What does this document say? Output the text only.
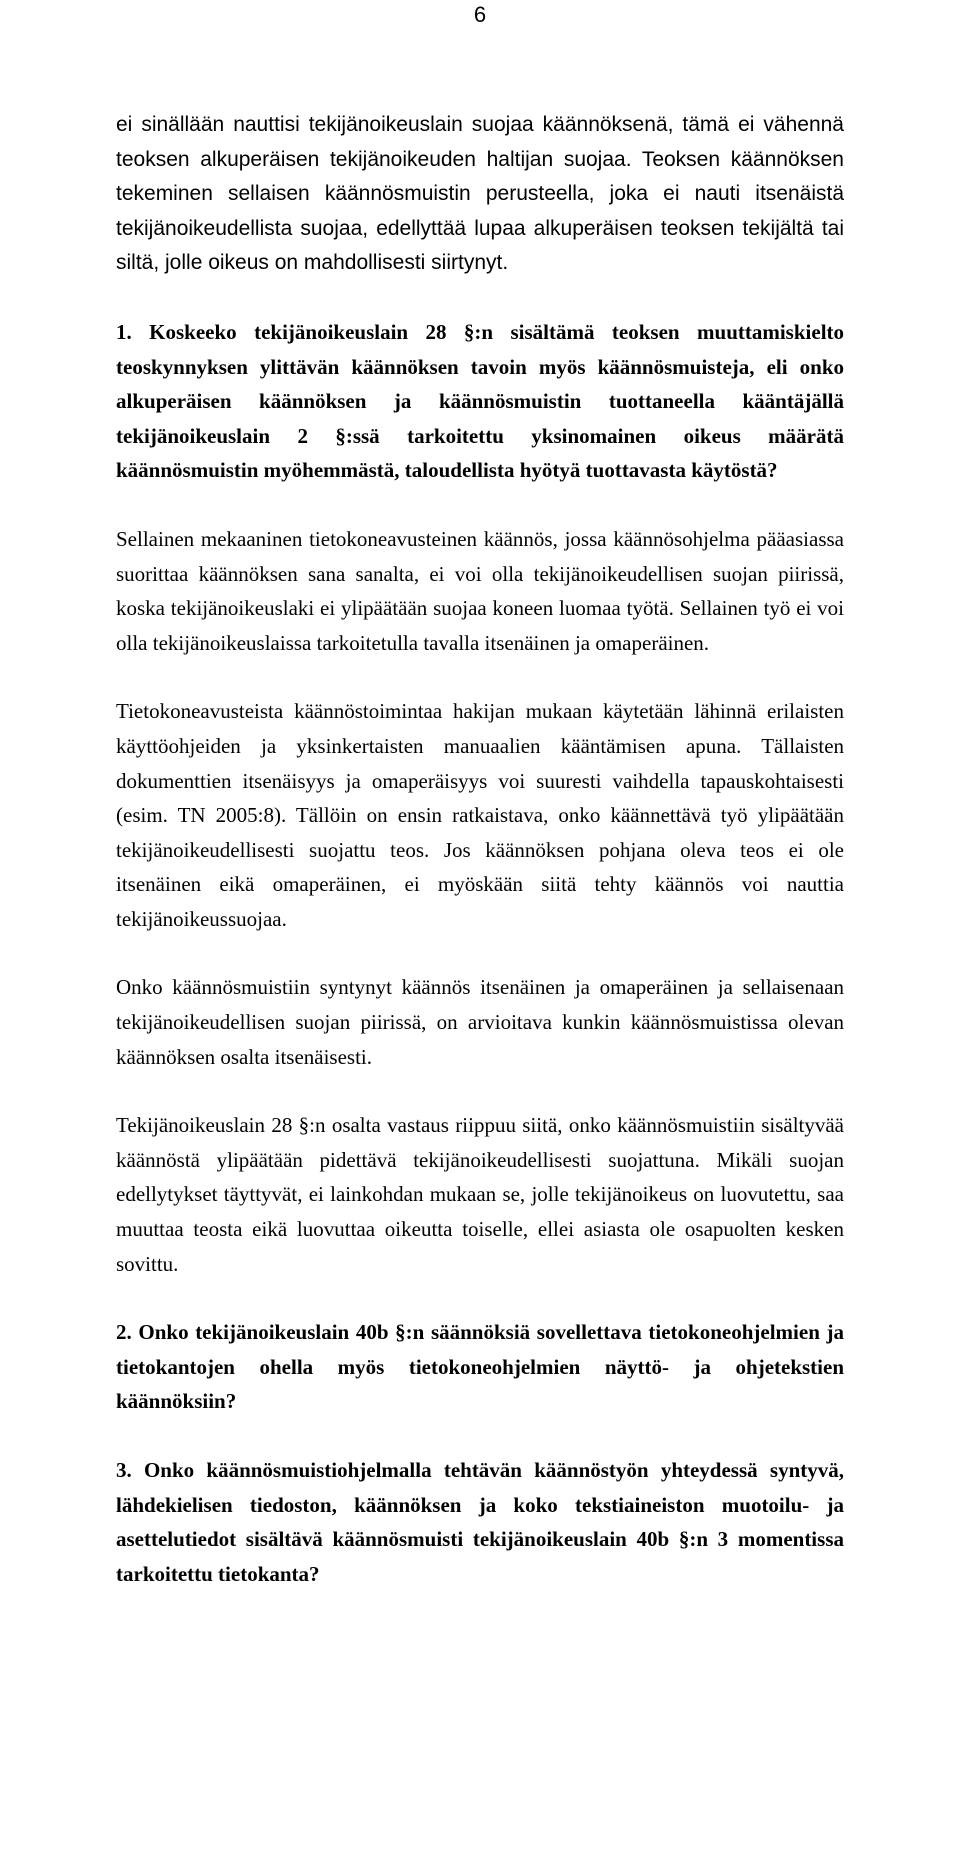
6

ei sinällään nauttisi tekijänoikeuslain suojaa käännöksenä, tämä ei vähennä teoksen alkuperäisen tekijänoikeuden haltijan suojaa. Teoksen käännöksen tekeminen sellaisen käännösmuistin perusteella, joka ei nauti itsenäistä tekijänoikeudellista suojaa, edellyttää lupaa alkuperäisen teoksen tekijältä tai siltä, jolle oikeus on mahdollisesti siirtynyt.

1. Koskeeko tekijänoikeuslain 28 §:n sisältämä teoksen muuttamiskielto teoskynnyksen ylittävän käännöksen tavoin myös käännösmuisteja, eli onko alkuperäisen käännöksen ja käännösmuistin tuottaneella kääntäjällä tekijänoikeuslain 2 §:ssä tarkoitettu yksinomainen oikeus määrätä käännösmuistin myöhemmästä, taloudellista hyötyä tuottavasta käytöstä?

Sellainen mekaaninen tietokoneavusteinen käännös, jossa käännösohjelma pääasiassa suorittaa käännöksen sana sanalta, ei voi olla tekijänoikeudellisen suojan piirissä, koska tekijänoikeuslaki ei ylipäätään suojaa koneen luomaa työtä. Sellainen työ ei voi olla tekijänoikeuslaissa tarkoitetulla tavalla itsenäinen ja omaperäinen.

Tietokoneavusteista käännöstoimintaa hakijan mukaan käytetään lähinnä erilaisten käyttöohjeiden ja yksinkertaisten manuaalien kääntämisen apuna. Tällaisten dokumenttien itsenäisyys ja omaperäisyys voi suuresti vaihdella tapauskohtaisesti (esim. TN 2005:8). Tällöin on ensin ratkaistava, onko käännettävä työ ylipäätään tekijänoikeudellisesti suojattu teos. Jos käännöksen pohjana oleva teos ei ole itsenäinen eikä omaperäinen, ei myöskään siitä tehty käännös voi nauttia tekijänoikeussuojaa.

Onko käännösmuistiin syntynyt käännös itsenäinen ja omaperäinen ja sellaisenaan tekijänoikeudellisen suojan piirissä, on arvioitava kunkin käännösmuistissa olevan käännöksen osalta itsenäisesti.

Tekijänoikeuslain 28 §:n osalta vastaus riippuu siitä, onko käännösmuistiin sisältyvää käännöstä ylipäätään pidettävä tekijänoikeudellisesti suojattuna. Mikäli suojan edellytykset täyttyvät, ei lainkohdan mukaan se, jolle tekijänoikeus on luovutettu, saa muuttaa teosta eikä luovuttaa oikeutta toiselle, ellei asiasta ole osapuolten kesken sovittu.

2. Onko tekijänoikeuslain 40b §:n säännöksiä sovellettava tietokoneohjelmien ja tietokantojen ohella myös tietokoneohjelmien näyttö- ja ohjetekstien käännöksiin?

3. Onko käännösmuistiohjelmalla tehtävän käännöstyön yhteydessä syntyvä, lähdekielisen tiedoston, käännöksen ja koko tekstiaineiston muotoilu- ja asettelutiedot sisältävä käännösmuisti tekijänoikeuslain 40b §:n 3 momentissa tarkoitettu tietokanta?
